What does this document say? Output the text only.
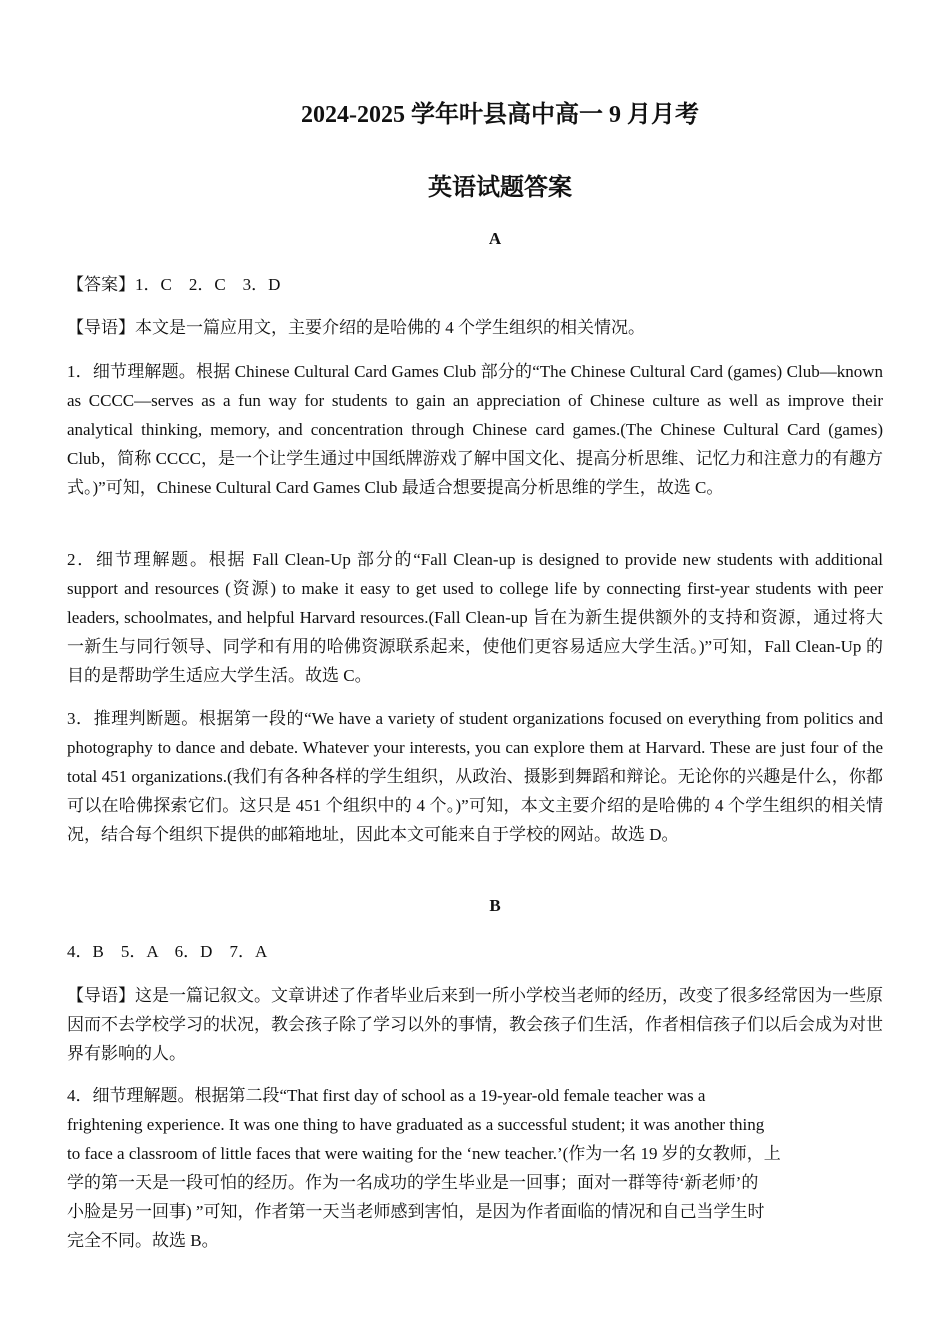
2024-2025 学年叶县高中高一 9 月月考
英语试题答案
A
【答案】1．C　2．C　3．D
【导语】本文是一篇应用文，主要介绍的是哈佛的 4 个学生组织的相关情况。
1．细节理解题。根据 Chinese Cultural Card Games Club 部分的“The Chinese Cultural Card (games) Club—known as CCCC—serves as a fun way for students to gain an appreciation of Chinese culture as well as improve their analytical thinking, memory, and concentration through Chinese card games.(The Chinese Cultural Card (games) Club，简称 CCCC，是一个让学生通过中国纸牌游戏了解中国文化、提高分析思维、记忆力和注意力的有趣方式。)”可知，Chinese Cultural Card Games Club 最适合想要提高分析思维的学生，故选 C。
2．细节理解题。根据 Fall Clean-Up 部分的“Fall Clean-up is designed to provide new students with additional support and resources (资源) to make it easy to get used to college life by connecting first-year students with peer leaders, schoolmates, and helpful Harvard resources.(Fall Clean-up 旨在为新生提供额外的支持和资源，通过将大一新生与同行领导、同学和有用的哈佛资源联系起来，使他们更容易适应大学生活。)”可知，Fall Clean-Up 的目的是帮助学生适应大学生活。故选 C。
3．推理判断题。根据第一段的“We have a variety of student organizations focused on everything from politics and photography to dance and debate. Whatever your interests, you can explore them at Harvard. These are just four of the total 451 organizations.(我们有各种各样的学生组织，从政治、摄影到舞蹈和辩论。无论你的兴趣是什么，你都可以在哈佛探索它们。这只是 451 个组织中的 4 个。)”可知，本文主要介绍的是哈佛的 4 个学生组织的相关情况，结合每个组织下提供的邮箱地址，因此本文可能来自于学校的网站。故选 D。
B
4．B　5．A　6．D　7．A
【导语】这是一篇记叙文。文章讲述了作者毕业后来到一所小学校当老师的经历，改变了很多经常因为一些原因而不去学校学习的状况，教会孩子除了学习以外的事情，教会孩子们生活，作者相信孩子们以后会成为对世界有影响的人。
4．细节理解题。根据第二段“That first day of school as a 19-year-old female teacher was a
frightening experience. It was one thing to have graduated as a successful student; it was another thing
to face a classroom of little faces that were waiting for the ‘new teacher.’(作为一名 19 岁的女教师，上
学的第一天是一段可怕的经历。作为一名成功的学生毕业是一回事；面对一群等待‘新老师’的
小脸是另一回事) ”可知，作者第一天当老师感到害怕，是因为作者面临的情况和自己当学生时
完全不同。故选 B。
